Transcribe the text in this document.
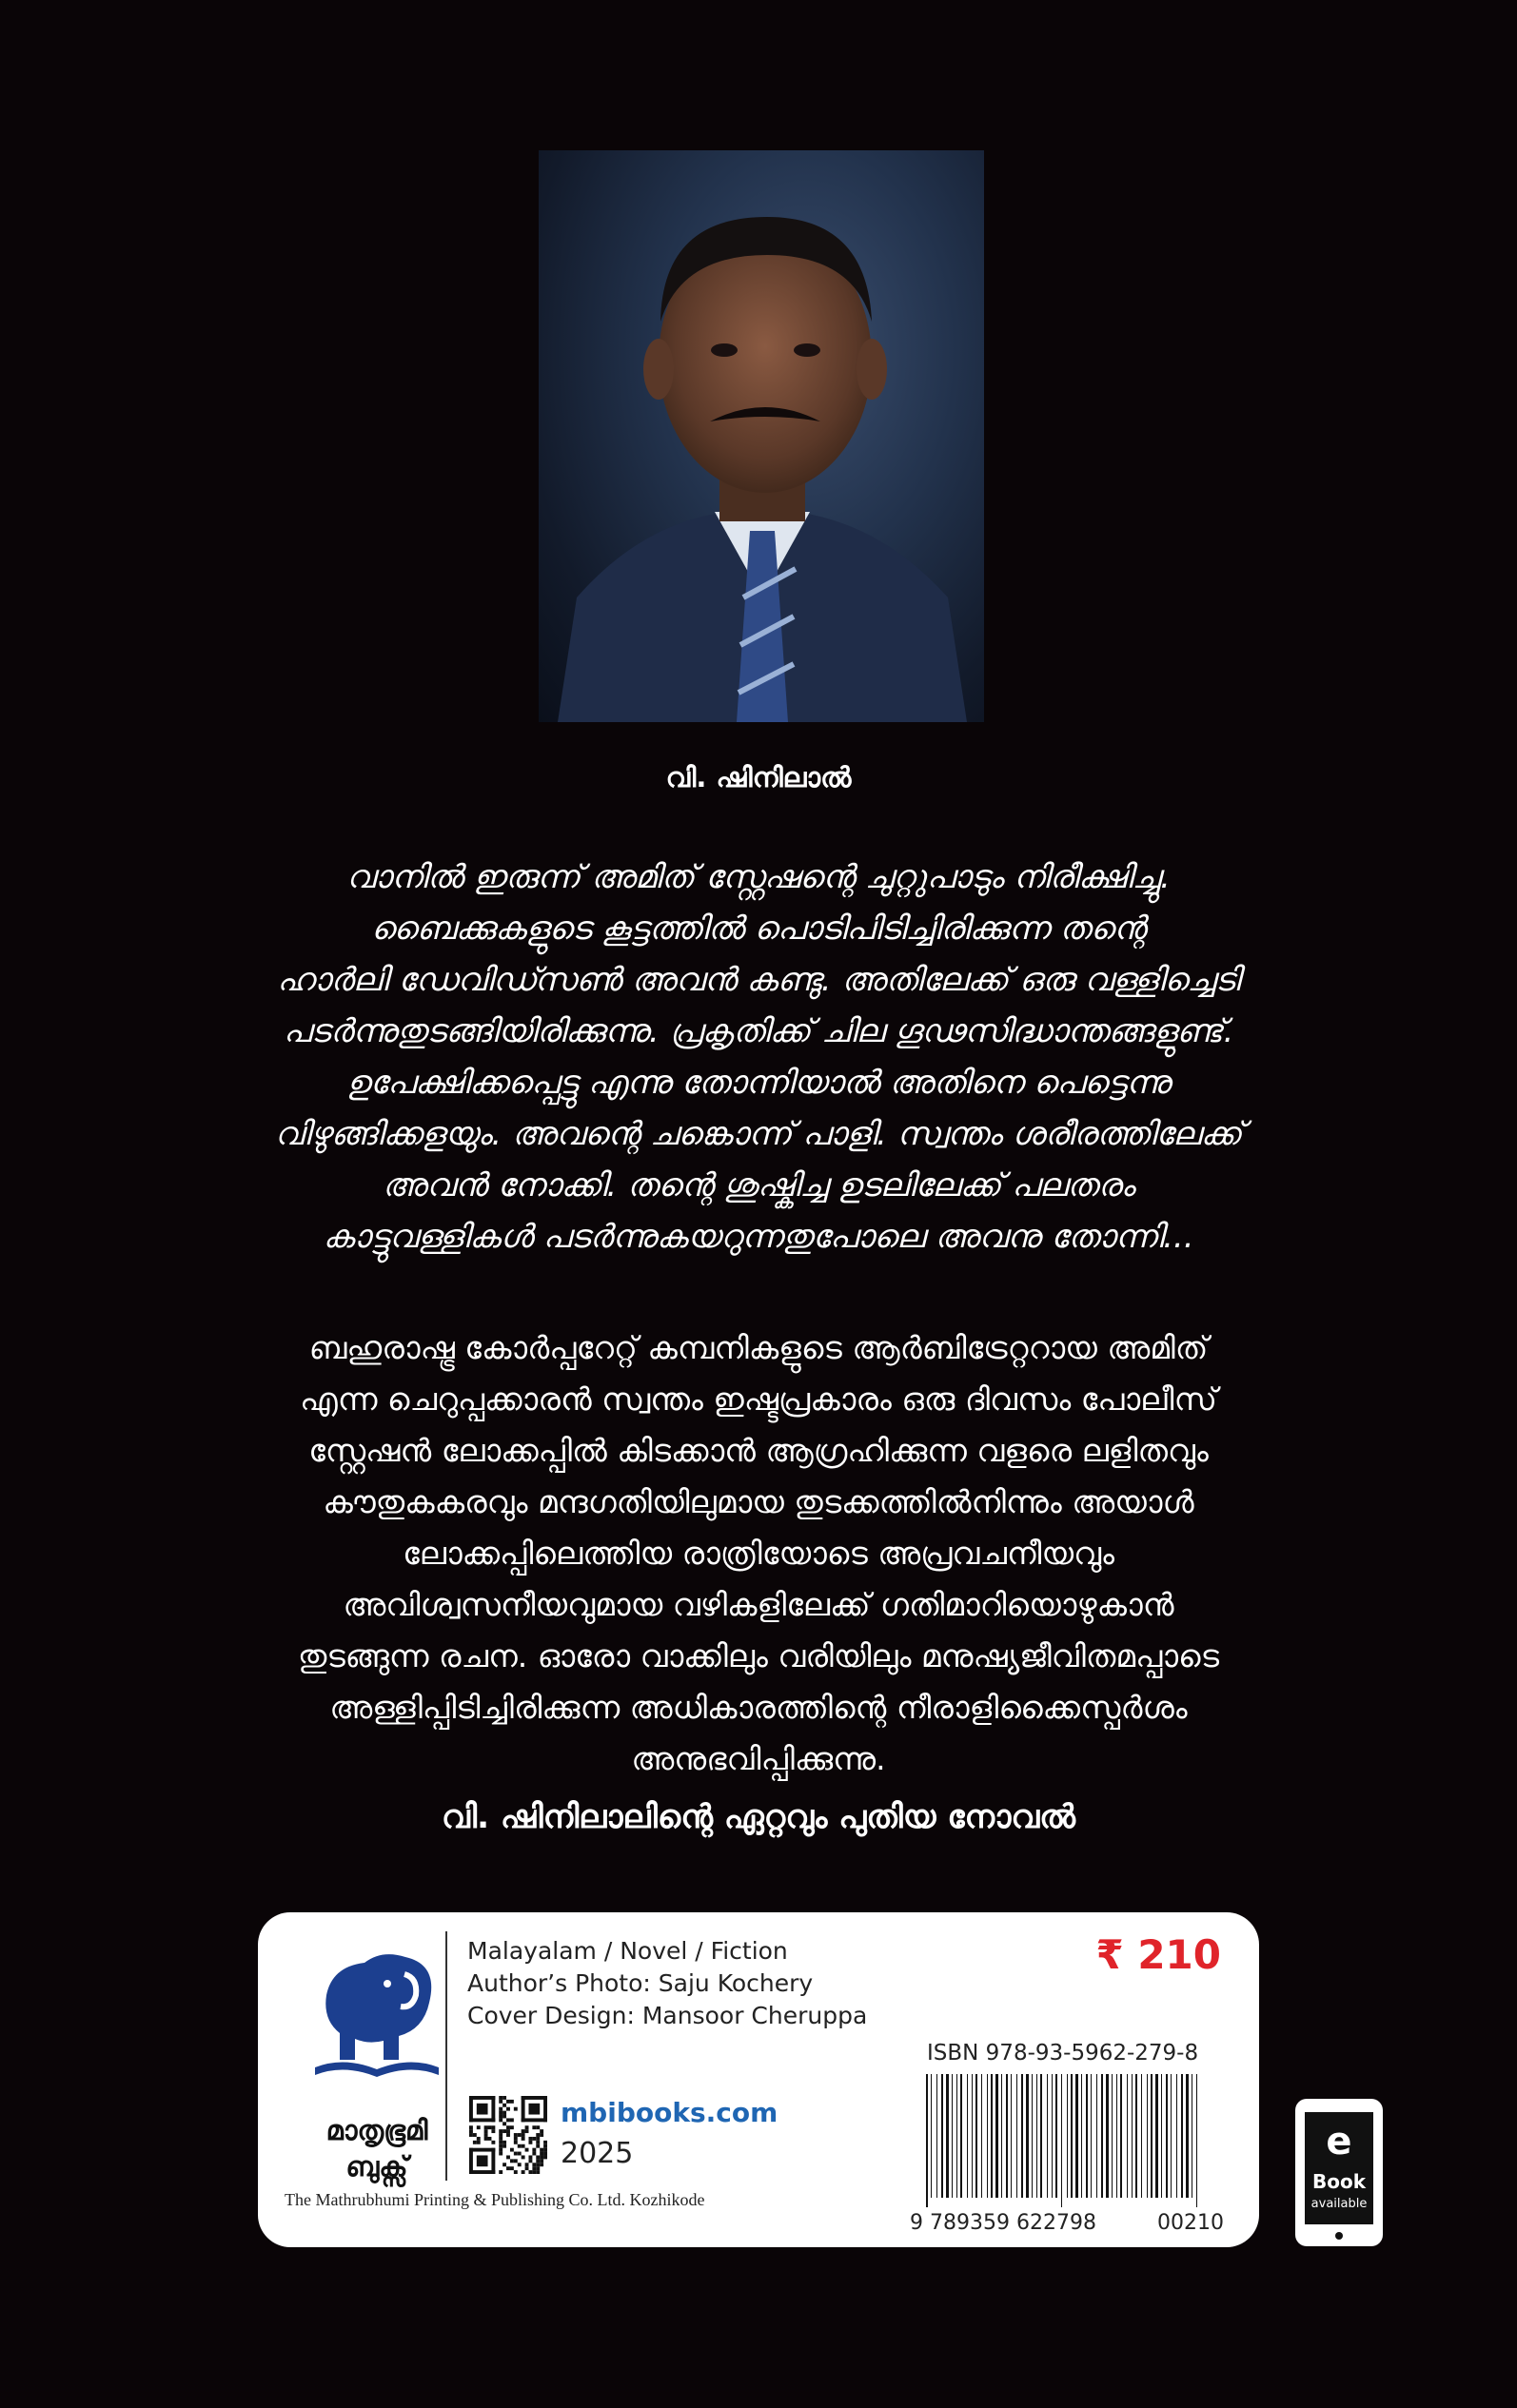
വി. ഷിനിലാൽ
വാനിൽ ഇരുന്ന് അമിത് സ്റ്റേഷന്റെ ചുറ്റുപാടും നിരീക്ഷിച്ചു.
ബൈക്കുകളുടെ കൂട്ടത്തിൽ പൊടിപിടിച്ചിരിക്കുന്ന തന്റെ
ഹാർലി ഡേവിഡ്സൺ അവൻ കണ്ടു. അതിലേക്ക് ഒരു വള്ളിച്ചെടി
പടർന്നുതുടങ്ങിയിരിക്കുന്നു. പ്രകൃതിക്ക് ചില ഗൂഢസിദ്ധാന്തങ്ങളുണ്ട്.
ഉപേക്ഷിക്കപ്പെട്ടു എന്നു തോന്നിയാൽ അതിനെ പെട്ടെന്നു
വിഴുങ്ങിക്കളയും. അവന്റെ ചങ്കൊന്ന് പാളി. സ്വന്തം ശരീരത്തിലേക്ക്
അവൻ നോക്കി. തന്റെ ശുഷ്കിച്ച ഉടലിലേക്ക് പലതരം
കാട്ടുവള്ളികൾ പടർന്നുകയറുന്നതുപോലെ അവനു തോന്നി...
ബഹുരാഷ്ട്ര കോർപ്പറേറ്റ് കമ്പനികളുടെ ആർബിട്രേറ്ററായ അമിത്
എന്ന ചെറുപ്പക്കാരൻ സ്വന്തം ഇഷ്ടപ്രകാരം ഒരു ദിവസം പോലീസ്
സ്റ്റേഷൻ ലോക്കപ്പിൽ കിടക്കാൻ ആഗ്രഹിക്കുന്ന വളരെ ലളിതവും
കൗതുകകരവും മന്ദഗതിയിലുമായ തുടക്കത്തിൽനിന്നും അയാൾ
ലോക്കപ്പിലെത്തിയ രാത്രിയോടെ അപ്രവചനീയവും
അവിശ്വസനീയവുമായ വഴികളിലേക്ക് ഗതിമാറിയൊഴുകാൻ
തുടങ്ങുന്ന രചന. ഓരോ വാക്കിലും വരിയിലും മനുഷ്യജീവിതമപ്പാടെ
അള്ളിപ്പിടിച്ചിരിക്കുന്ന അധികാരത്തിന്റെ നീരാളിക്കൈസ്പർശം
അനുഭവിപ്പിക്കുന്നു.
വി. ഷിനിലാലിന്റെ ഏറ്റവും പുതിയ നോവൽ
മാതൃഭൂമി
ബുക്സ്
Malayalam / Novel / Fiction
Author’s Photo: Saju Kochery
Cover Design: Mansoor Cheruppa
₹ 210
ISBN 978-93-5962-279-8
9 789359 622798	00210
mbibooks.com
2025
The Mathrubhumi Printing & Publishing Co. Ltd. Kozhikode
e
Book
available
